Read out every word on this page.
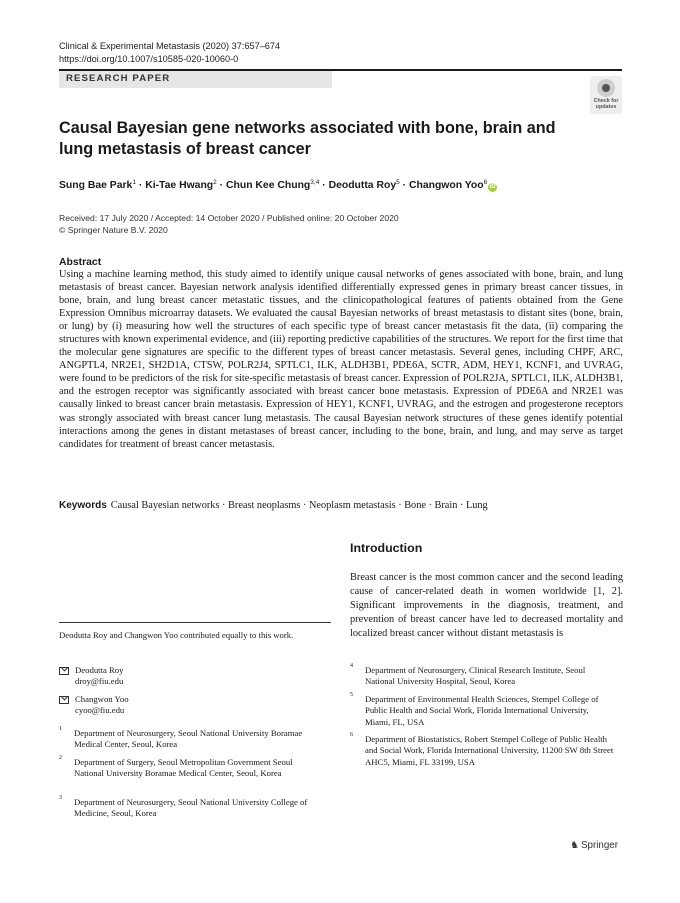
Clinical & Experimental Metastasis (2020) 37:657–674
https://doi.org/10.1007/s10585-020-10060-0
RESEARCH PAPER
Check for updates
Causal Bayesian gene networks associated with bone, brain and lung metastasis of breast cancer
Sung Bae Park$^1$ · Ki-Tae Hwang$^2$ · Chun Kee Chung$^{3,4}$ · Deodutta Roy$^5$ · Changwon Yoo$^6$iD
Received: 17 July 2020 / Accepted: 14 October 2020 / Published online: 20 October 2020
© Springer Nature B.V. 2020
Abstract

Using a machine learning method, this study aimed to identify unique causal networks of genes associated with bone, brain, and lung metastasis of breast cancer. Bayesian network analysis identified differentially expressed genes in primary breast cancer tissues, in bone, brain, and lung breast cancer metastatic tissues, and the clinicopathological features of patients obtained from the Gene Expression Omnibus microarray datasets. We evaluated the causal Bayesian networks of breast metastasis to distant sites (bone, brain, or lung) by (i) measuring how well the structures of each specific type of breast cancer metastasis fit the data, (ii) comparing the structures with known experimental evidence, and (iii) reporting predictive capabilities of the structures. We report for the first time that the molecular gene signatures are specific to the different types of breast cancer metastasis. Several genes, including CHPF, ARC, ANGPTL4, NR2E1, SH2D1A, CTSW, POLR2J4, SPTLC1, ILK, ALDH3B1, PDE6A, SCTR, ADM, HEY1, KCNF1, and UVRAG, were found to be predictors of the risk for site-specific metastasis of breast cancer. Expression of POLR2JA, SPTLC1, ILK, ALDH3B1, and the estrogen receptor was significantly associated with breast cancer bone metastasis. Expression of PDE6A and NR2E1 was causally linked to breast cancer brain metastasis. Expression of HEY1, KCNF1, UVRAG, and the estrogen and progesterone receptors was strongly associated with breast cancer lung metastasis. The causal Bayesian network structures of these genes identify potential interactions among the genes in distant metastases of breast cancer, including to the bone, brain, and lung, and may serve as target candidates for treatment of breast cancer metastasis.

Keywords Causal Bayesian networks · Breast neoplasms · Neoplasm metastasis · Bone · Brain · Lung
Introduction

Breast cancer is the most common cancer and the second leading cause of cancer-related death in women worldwide [1, 2]. Significant improvements in the diagnosis, treatment, and prevention of breast cancer have led to decreased mortality and localized breast cancer without distant metastasis is

Deodutta Roy and Changwon Yoo contributed equally to this work.
Deodutta Roy
droy@fiu.edu
Changwon Yoo
cyoo@fiu.edu
1 Department of Neurosurgery, Seoul National University Boramae Medical Center, Seoul, Korea
2 Department of Surgery, Seoul Metropolitan Government Seoul National University Boramae Medical Center, Seoul, Korea
3 Department of Neurosurgery, Seoul National University College of Medicine, Seoul, Korea
4 Department of Neurosurgery, Clinical Research Institute, Seoul National University Hospital, Seoul, Korea
5 Department of Environmental Health Sciences, Stempel College of Public Health and Social Work, Florida International University, Miami, FL, USA
6 Department of Biostatistics, Robert Stempel College of Public Health and Social Work, Florida International University, 11200 SW 8th Street AHC5, Miami, FL 33199, USA
♞ Springer
